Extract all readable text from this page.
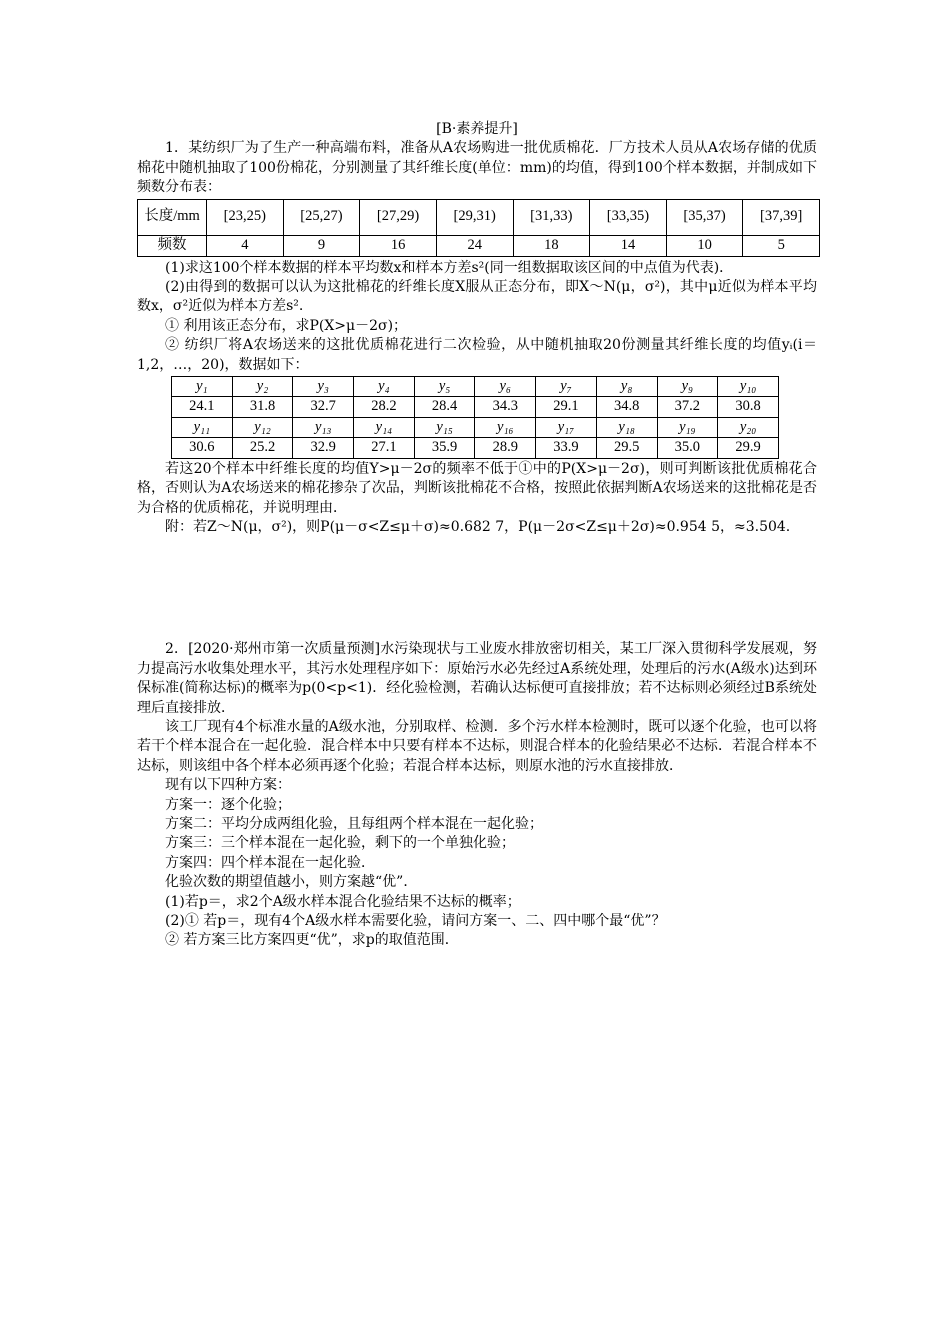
[B·素养提升]

1．某纺织厂为了生产一种高端布料，准备从A农场购进一批优质棉花．厂方技术人员从A农场存储的优质棉花中随机抽取了100份棉花，分别测量了其纤维长度(单位：mm)的均值，得到100个样本数据，并制成如下频数分布表：

长度/mm	[23,25)	[25,27)	[27,29)	[29,31)	[31,33)	[33,35)	[35,37)	[37,39]
频数	4	9	16	24	18	14	10	5

(1)求这100个样本数据的样本平均数x和样本方差s²(同一组数据取该区间的中点值为代表)．

(2)由得到的数据可以认为这批棉花的纤维长度X服从正态分布，即X～N(μ，σ²)，其中μ近似为样本平均数x，σ²近似为样本方差s².

① 利用该正态分布，求P(X>μ－2σ)；

② 纺织厂将A农场送来的这批优质棉花进行二次检验，从中随机抽取20份测量其纤维长度的均值yᵢ(i＝1,2，…，20)，数据如下：

y₁	y₂	y₃	y₄	y₅	y₆	y₇	y₈	y₉	y₁₀
24.1	31.8	32.7	28.2	28.4	34.3	29.1	34.8	37.2	30.8
y₁₁	y₁₂	y₁₃	y₁₄	y₁₅	y₁₆	y₁₇	y₁₈	y₁₉	y₂₀
30.6	25.2	32.9	27.1	35.9	28.9	33.9	29.5	35.0	29.9

若这20个样本中纤维长度的均值Y>μ－2σ的频率不低于①中的P(X>μ－2σ)，则可判断该批优质棉花合格，否则认为A农场送来的棉花掺杂了次品，判断该批棉花不合格，按照此依据判断A农场送来的这批棉花是否为合格的优质棉花，并说明理由．

附：若Z～N(μ，σ²)，则P(μ－σ<Z≤μ＋σ)≈0.682 7，P(μ－2σ<Z≤μ＋2σ)≈0.954 5，≈3.504.

2．[2020·郑州市第一次质量预测]水污染现状与工业废水排放密切相关，某工厂深入贯彻科学发展观，努力提高污水收集处理水平，其污水处理程序如下：原始污水必先经过A系统处理，处理后的污水(A级水)达到环保标准(简称达标)的概率为p(0<p<1)．经化验检测，若确认达标便可直接排放；若不达标则必须经过B系统处理后直接排放．

该工厂现有4个标准水量的A级水池，分别取样、检测．多个污水样本检测时，既可以逐个化验，也可以将若干个样本混合在一起化验．混合样本中只要有样本不达标，则混合样本的化验结果必不达标．若混合样本不达标，则该组中各个样本必须再逐个化验；若混合样本达标，则原水池的污水直接排放．

现有以下四种方案：

方案一：逐个化验；

方案二：平均分成两组化验，且每组两个样本混在一起化验；

方案三：三个样本混在一起化验，剩下的一个单独化验；

方案四：四个样本混在一起化验．

化验次数的期望值越小，则方案越“优”．

(1)若p＝，求2个A级水样本混合化验结果不达标的概率；

(2)① 若p＝，现有4个A级水样本需要化验，请问方案一、二、四中哪个最“优”？

② 若方案三比方案四更“优”，求p的取值范围．
